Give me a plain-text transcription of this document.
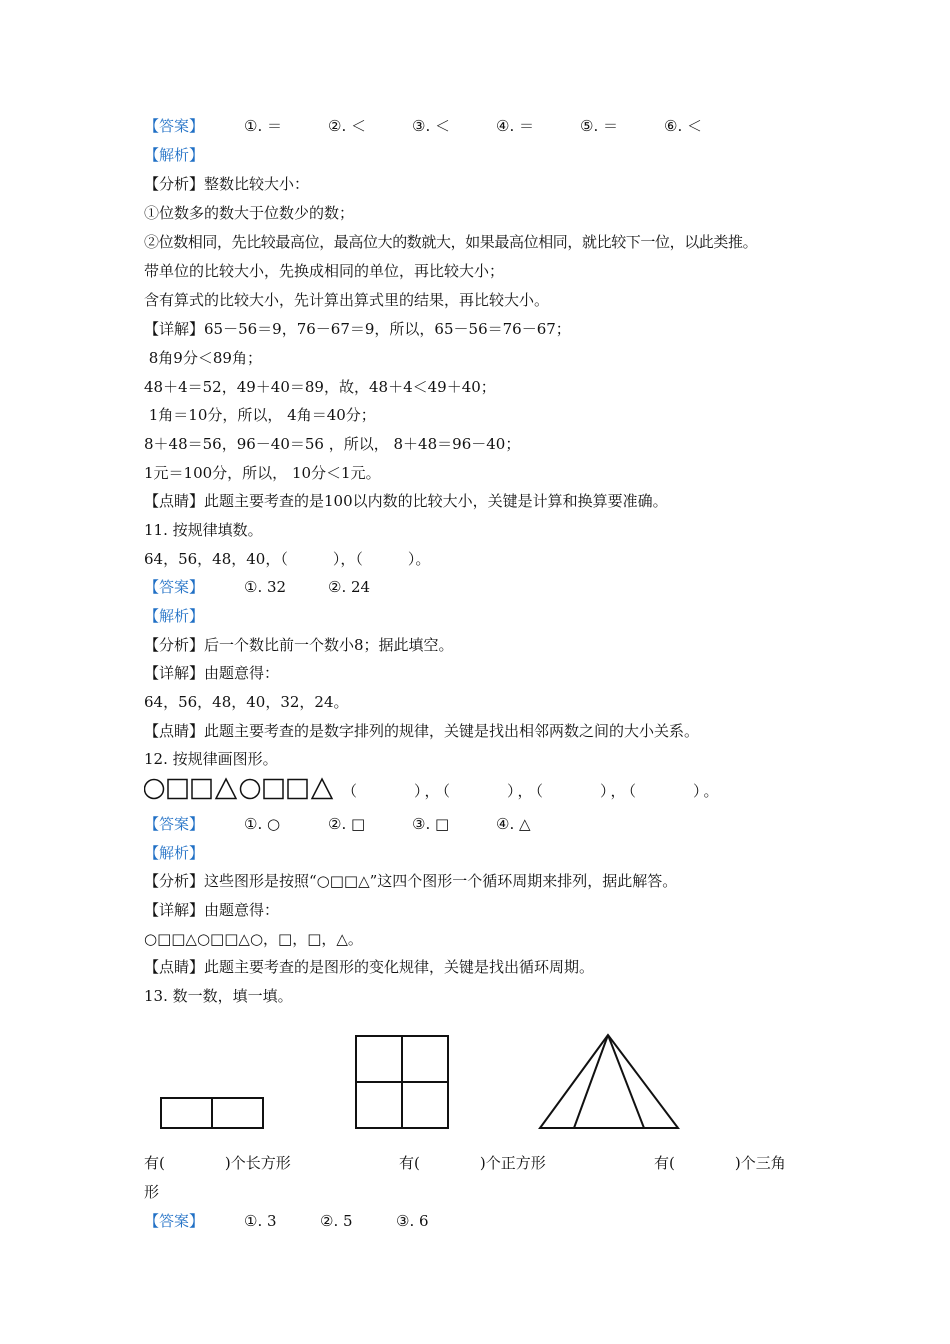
【答案】	①. ＝	②. ＜	③. ＜	④. ＝	⑤. ＝	⑥. ＜
【解析】
【分析】整数比较大小：
①位数多的数大于位数少的数；
②位数相同，先比较最高位，最高位大的数就大，如果最高位相同，就比较下一位，以此类推。
带单位的比较大小，先换成相同的单位，再比较大小；
含有算式的比较大小，先计算出算式里的结果，再比较大小。
【详解】65－56＝9，76－67＝9，所以，65－56＝76－67；
8角9分＜89角；
48＋4＝52，49＋40＝89，故，48＋4＜49＋40；
1角＝10分，所以， 4角＝40分；
8＋48＝56，96－40＝56 ，所以， 8＋48＝96－40；
1元＝100分，所以， 10分＜1元。
【点睛】此题主要考查的是100以内数的比较大小，关键是计算和换算要准确。
11. 按规律填数。
64，56，48，40，（　　　），（　　　）。
【答案】	①. 32	②. 24
【解析】
【分析】后一个数比前一个数小8；据此填空。
【详解】由题意得：
64，56，48，40，32，24。
【点睛】此题主要考查的是数字排列的规律，关键是找出相邻两数之间的大小关系。
12. 按规律画图形。
（　　　），（　　　），（　　　），（　　　）。
【答案】	①. ○	②. □	③. □	④. △
【解析】
【分析】这些图形是按照“○□□△”这四个图形一个循环周期来排列，据此解答。
【详解】由题意得：
○□□△○□□△○，□，□，△。
【点睛】此题主要考查的是图形的变化规律，关键是找出循环周期。
13. 数一数，填一填。
有(　　　　)个长方形	有(　　　　)个正方形	有(　　　　)个三角
形
【答案】	①. 3	②. 5	③. 6
